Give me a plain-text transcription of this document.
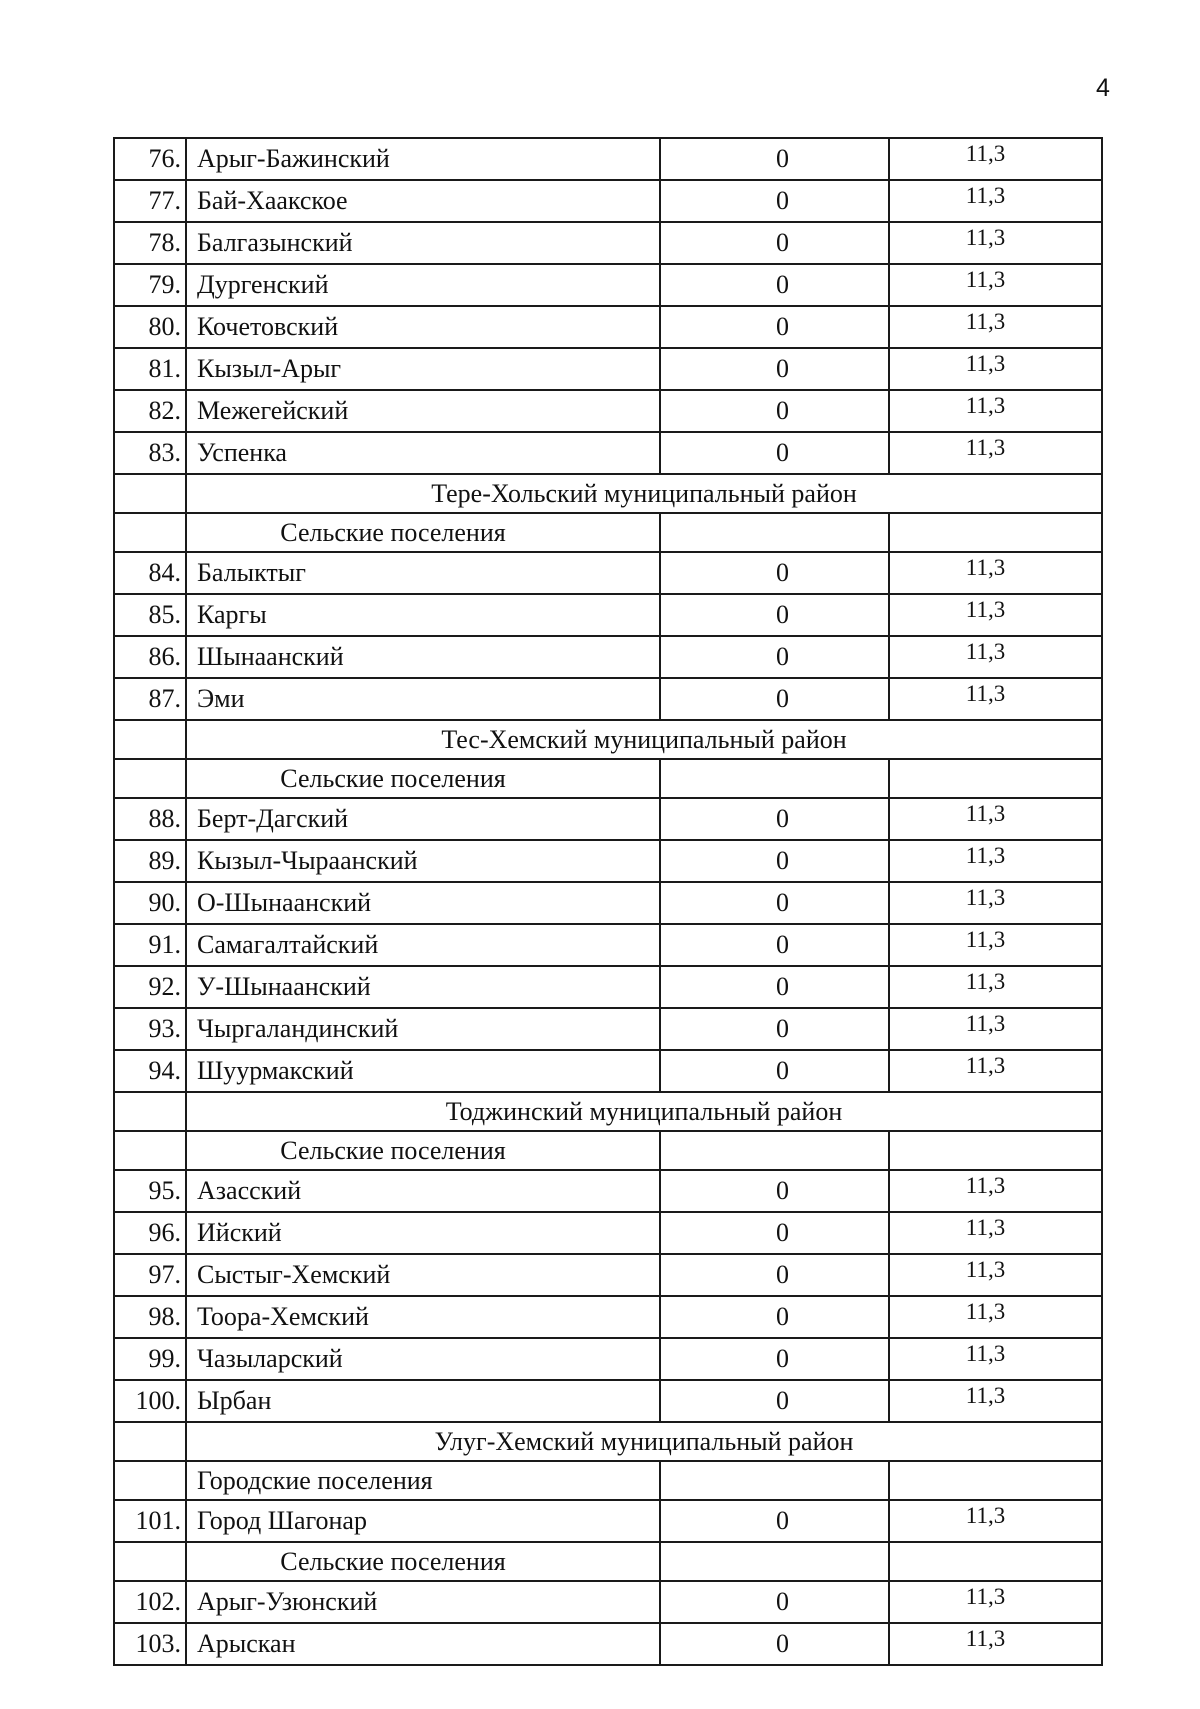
4
76.	Арыг-Бажинский	0	11,3
77.	Бай-Хаакское	0	11,3
78.	Балгазынский	0	11,3
79.	Дургенский	0	11,3
80.	Кочетовский	0	11,3
81.	Кызыл-Арыг	0	11,3
82.	Межегейский	0	11,3
83.	Успенка	0	11,3
	Тере-Хольский муниципальный район		
	Сельские поселения		
84.	Балыктыг	0	11,3
85.	Каргы	0	11,3
86.	Шынаанский	0	11,3
87.	Эми	0	11,3
	Тес-Хемский муниципальный район		
	Сельские поселения		
88.	Берт-Дагский	0	11,3
89.	Кызыл-Чыраанский	0	11,3
90.	О-Шынаанский	0	11,3
91.	Самагалтайский	0	11,3
92.	У-Шынаанский	0	11,3
93.	Чыргаландинский	0	11,3
94.	Шуурмакский	0	11,3
	Тоджинский муниципальный район		
	Сельские поселения		
95.	Азасский	0	11,3
96.	Ийский	0	11,3
97.	Сыстыг-Хемский	0	11,3
98.	Тоора-Хемский	0	11,3
99.	Чазыларский	0	11,3
100.	Ырбан	0	11,3
	Улуг-Хемский муниципальный район		
	Городские поселения		
101.	Город Шагонар	0	11,3
	Сельские поселения		
102.	Арыг-Узюнский	0	11,3
103.	Арыскан	0	11,3
